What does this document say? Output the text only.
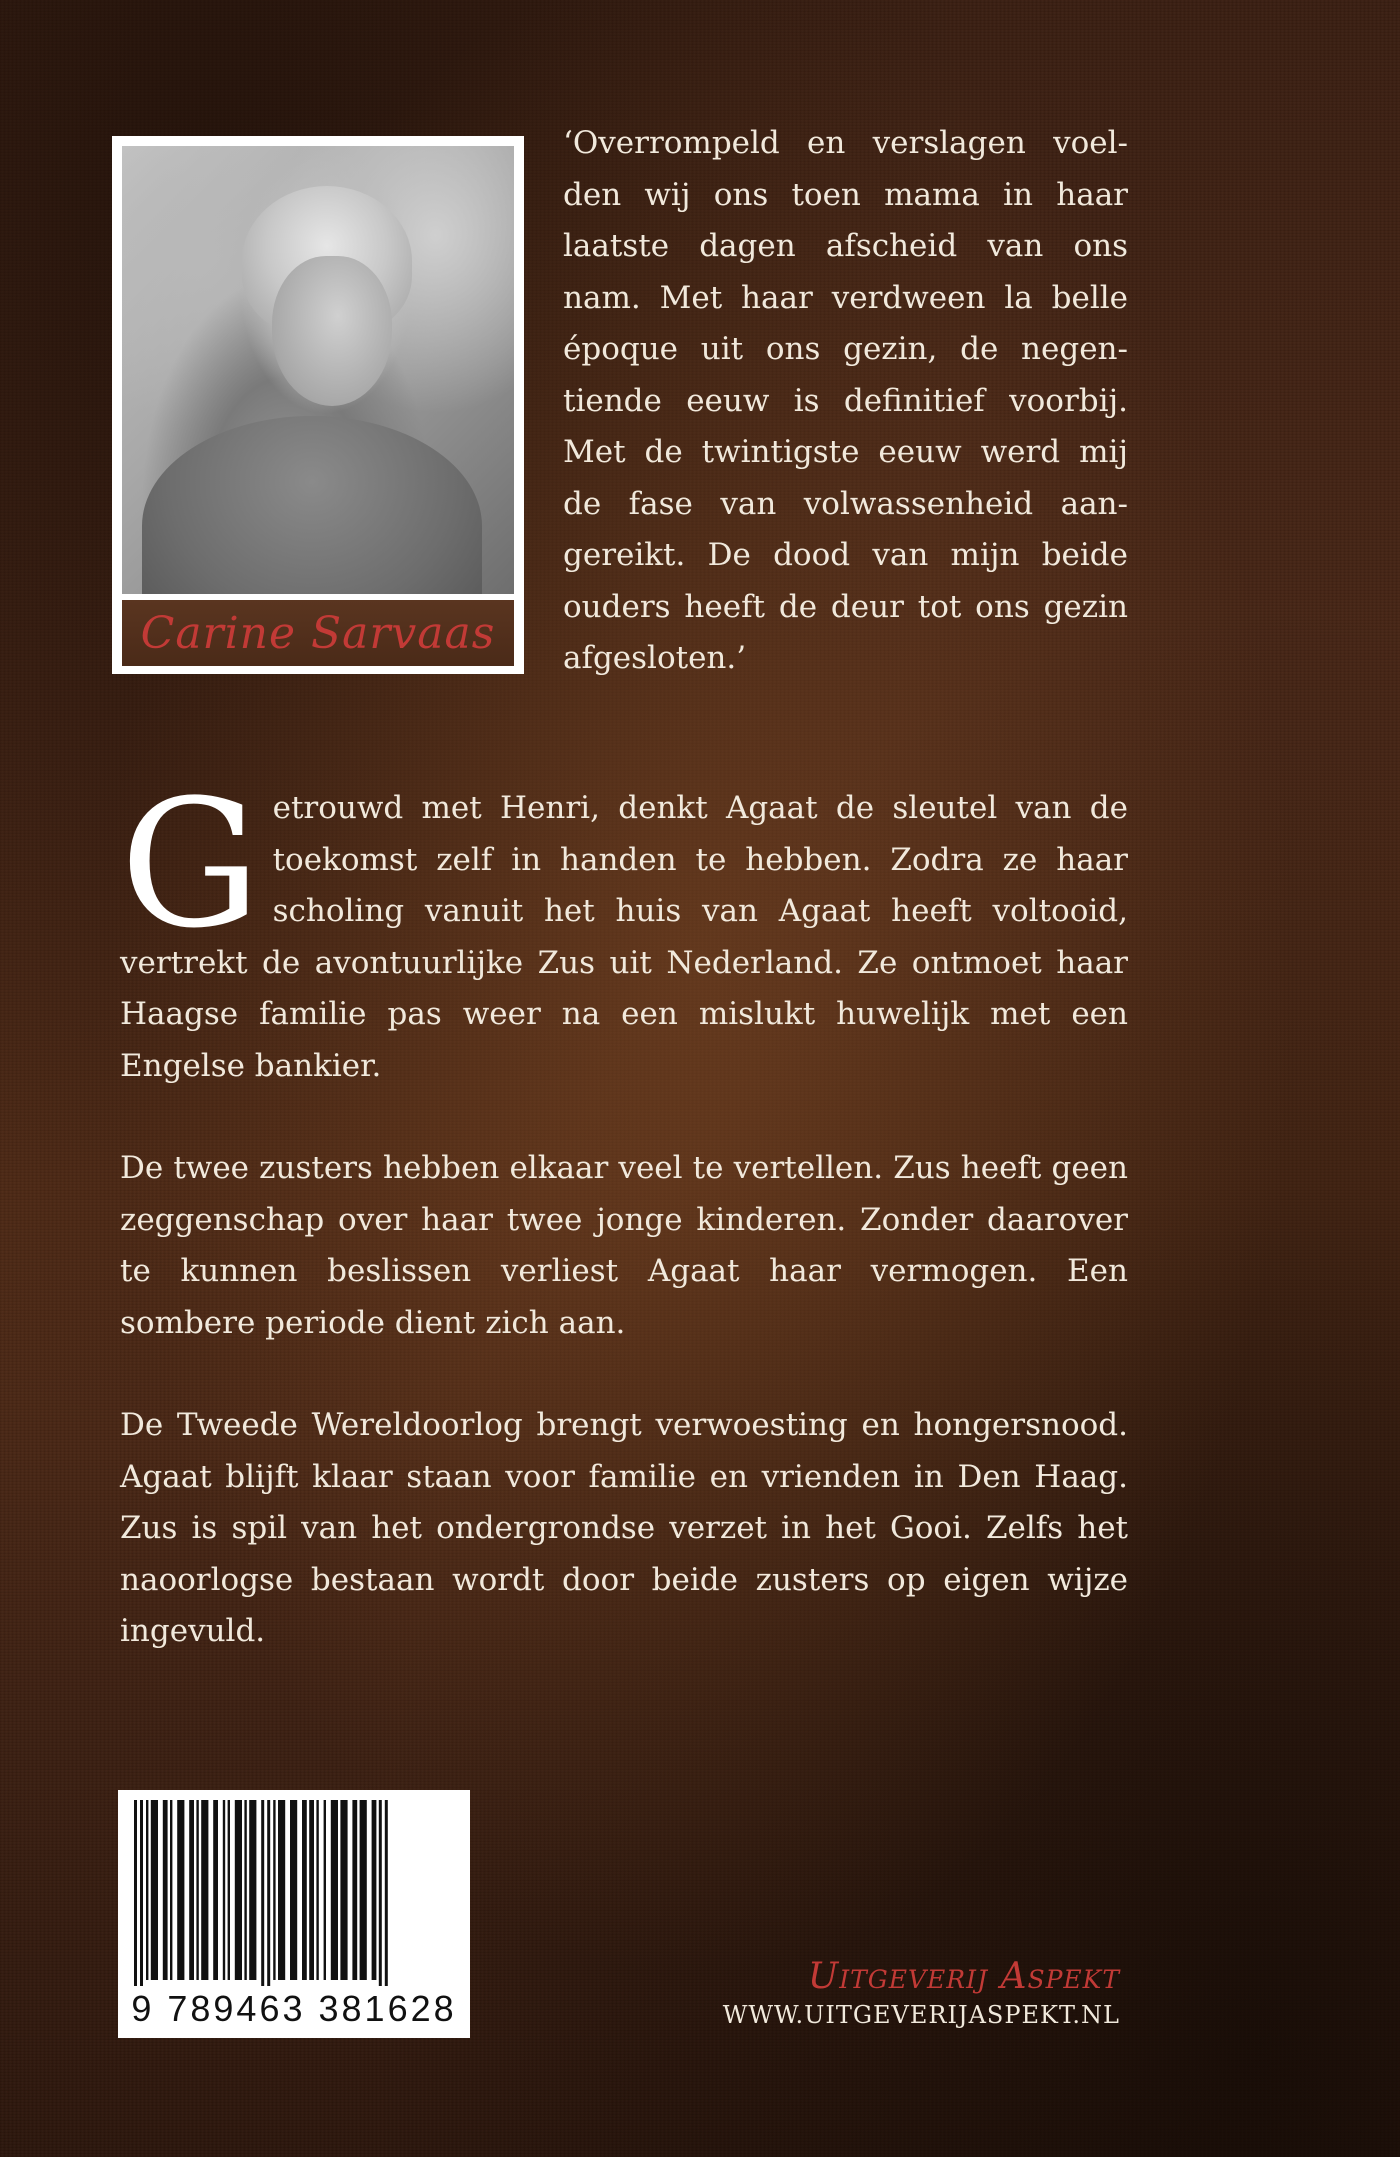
Carine Sarvaas

‘Overrompeld en verslagen voel-
den wij ons toen mama in haar
laatste dagen afscheid van ons
nam. Met haar verdween la belle
époque uit ons gezin, de negen-
tiende eeuw is definitief voorbij.
Met de twintigste eeuw werd mij
de fase van volwassenheid aan-
gereikt. De dood van mijn beide
ouders heeft de deur tot ons gezin
afgesloten.’

Getrouwd met Henri, denkt Agaat de sleutel van de toekomst zelf in handen te hebben. Zodra ze haar scholing vanuit het huis van Agaat heeft voltooid, vertrekt de avontuurlijke Zus uit Nederland. Ze ontmoet haar Haagse familie pas weer na een mislukt huwelijk met een Engelse bankier.

De twee zusters hebben elkaar veel te vertellen. Zus heeft geen zeggenschap over haar twee jonge kinderen. Zonder daarover te kunnen beslissen verliest Agaat haar vermogen. Een sombere periode dient zich aan.

De Tweede Wereldoorlog brengt verwoesting en hongersnood. Agaat blijft klaar staan voor familie en vrienden in Den Haag. Zus is spil van het ondergrondse verzet in het Gooi. Zelfs het naoorlogse bestaan wordt door beide zusters op eigen wijze ingevuld.

9 789463 381628
Uitgeverij Aspekt
WWW.UITGEVERIJASPEKT.NL
